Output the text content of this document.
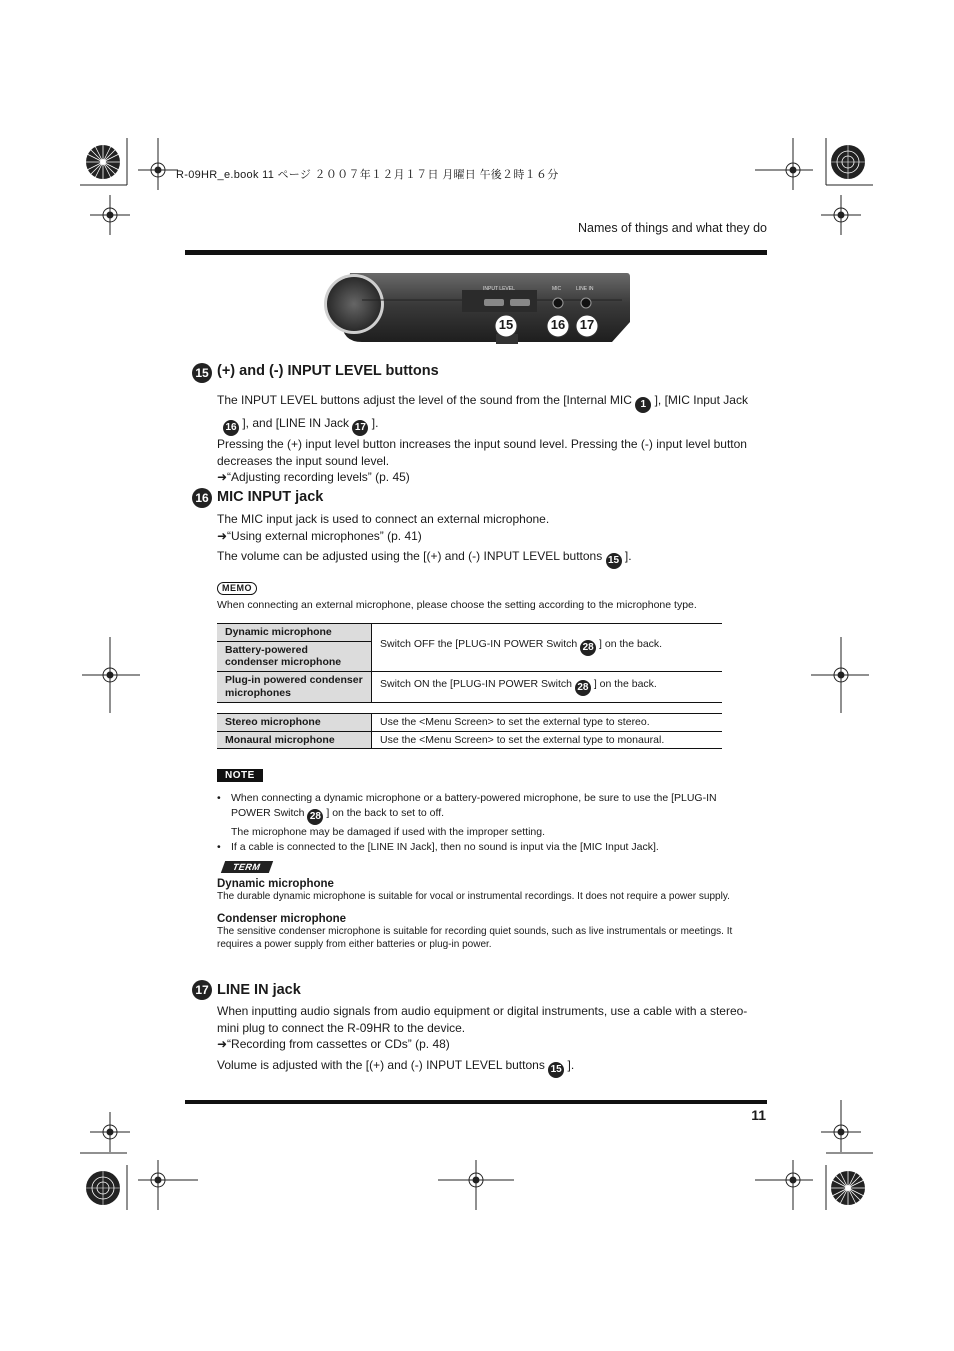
R-09HR_e.book 11 ページ ２００７年１２月１７日 月曜日 午後２時１６分
Names of things and what they do
INPUT LEVEL	MIC	LINE IN
15	16	17
15 (+) and (-) INPUT LEVEL buttons
The INPUT LEVEL buttons adjust the level of the sound from the [Internal MIC 1 ], [MIC Input Jack 16 ], and [LINE IN Jack 17 ].
Pressing the (+) input level button increases the input sound level. Pressing the (-) input level button decreases the input sound level.
➜“Adjusting recording levels” (p. 45)
16 MIC INPUT jack
The MIC input jack is used to connect an external microphone.
➜“Using external microphones” (p. 41)
The volume can be adjusted using the [(+) and (-) INPUT LEVEL buttons 15 ].
MEMO
When connecting an external microphone, please choose the setting according to the microphone type.
Dynamic microphone	Switch OFF the [PLUG-IN POWER Switch 28 ] on the back.
Battery-powered condenser microphone	
Plug-in powered condenser microphones	Switch ON the [PLUG-IN POWER Switch 28 ] on the back.
Stereo microphone	Use the <Menu Screen> to set the external type to stereo.
Monaural microphone	Use the <Menu Screen> to set the external type to monaural.
NOTE
• When connecting a dynamic microphone or a battery-powered microphone, be sure to use the [PLUG-IN POWER Switch 28 ] on the back to set to off.
The microphone may be damaged if used with the improper setting.
• If a cable is connected to the [LINE IN Jack], then no sound is input via the [MIC Input Jack].
TERM
Dynamic microphone
The durable dynamic microphone is suitable for vocal or instrumental recordings. It does not require a power supply.
Condenser microphone
The sensitive condenser microphone is suitable for recording quiet sounds, such as live instrumentals or meetings. It requires a power supply from either batteries or plug-in power.
17 LINE IN jack
When inputting audio signals from audio equipment or digital instruments, use a cable with a stereo-mini plug to connect the R-09HR to the device.
➜“Recording from cassettes or CDs” (p. 48)
Volume is adjusted with the [(+) and (-) INPUT LEVEL buttons 15 ].
11
